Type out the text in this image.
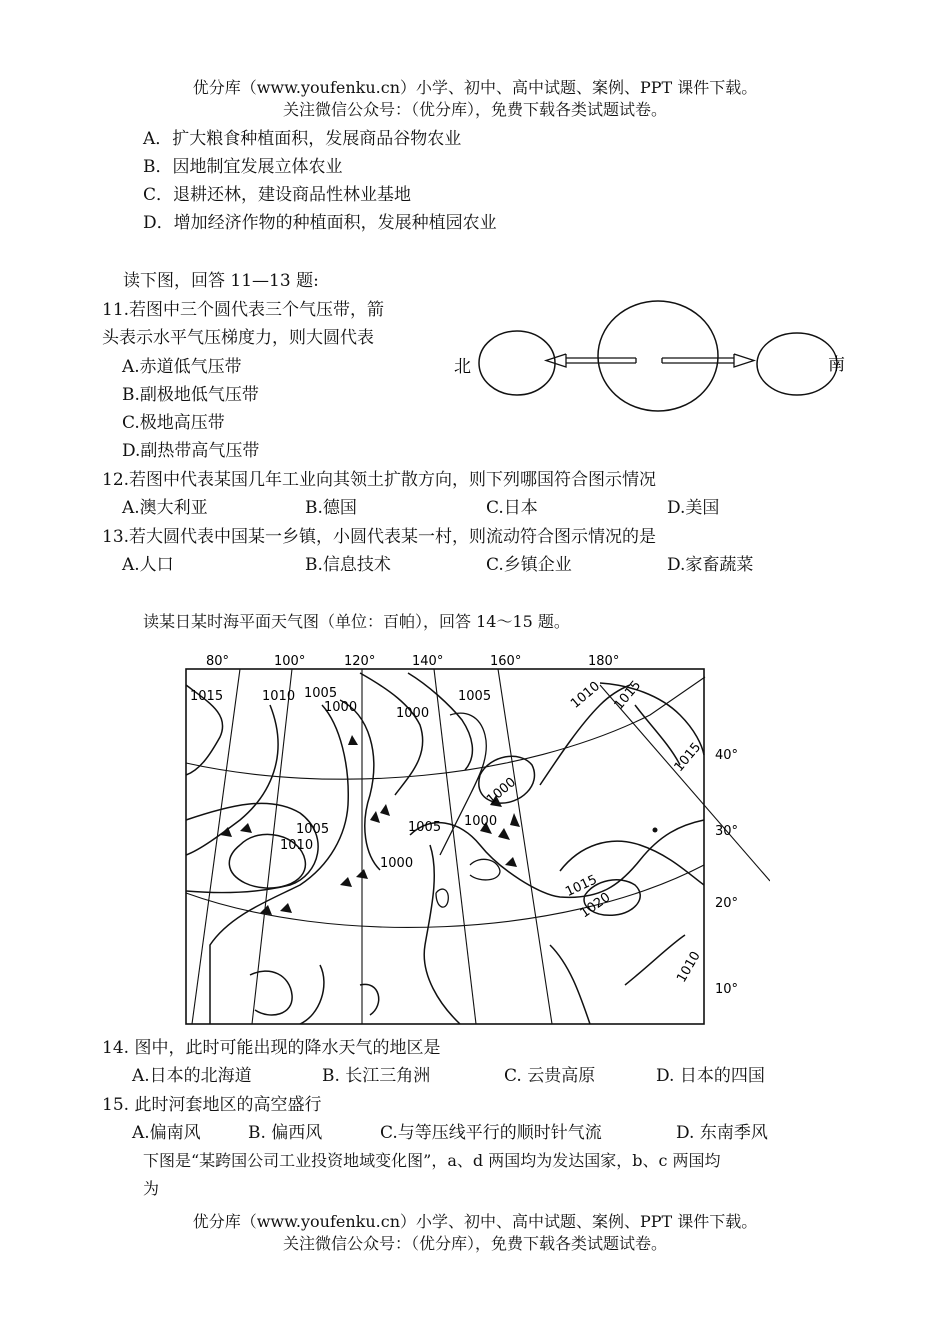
优分库（www.youfenku.cn）小学、初中、高中试题、案例、PPT 课件下载。
关注微信公众号：（优分库），免费下载各类试题试卷。
A．扩大粮食种植面积，发展商品谷物农业
B．因地制宜发展立体农业
C．退耕还林，建设商品性林业基地
D．增加经济作物的种植面积，发展种植园农业
读下图，回答 11—13 题:
11.若图中三个圆代表三个气压带，箭
头表示水平气压梯度力，则大圆代表
A.赤道低气压带
B.副极地低气压带
C.极地高压带
D.副热带高气压带
北	南
12.若图中代表某国几年工业向其领土扩散方向，则下列哪国符合图示情况
A.澳大利亚	B.德国	C.日本	D.美国
13.若大圆代表中国某一乡镇，小圆代表某一村，则流动符合图示情况的是
A.人口	B.信息技术	C.乡镇企业	D.家畜蔬菜
读某日某时海平面天气图（单位：百帕），回答 14～15 题。
80°	100°	120°	140°	160°	180°
40°
30°
20°
10°
1015	1010 1005
1000	1000
1005	1010 1015
1015
1005
1010
1005
1000
1000
1000
1015
1020
1010
14. 图中，此时可能出现的降水天气的地区是
A.日本的北海道	B. 长江三角洲	C. 云贵高原	D. 日本的四国
15. 此时河套地区的高空盛行
A.偏南风	B. 偏西风	C.与等压线平行的顺时针气流	D. 东南季风
下图是“某跨国公司工业投资地域变化图”，a、d 两国均为发达国家，b、c 两国均
为
优分库（www.youfenku.cn）小学、初中、高中试题、案例、PPT 课件下载。
关注微信公众号：（优分库），免费下载各类试题试卷。
